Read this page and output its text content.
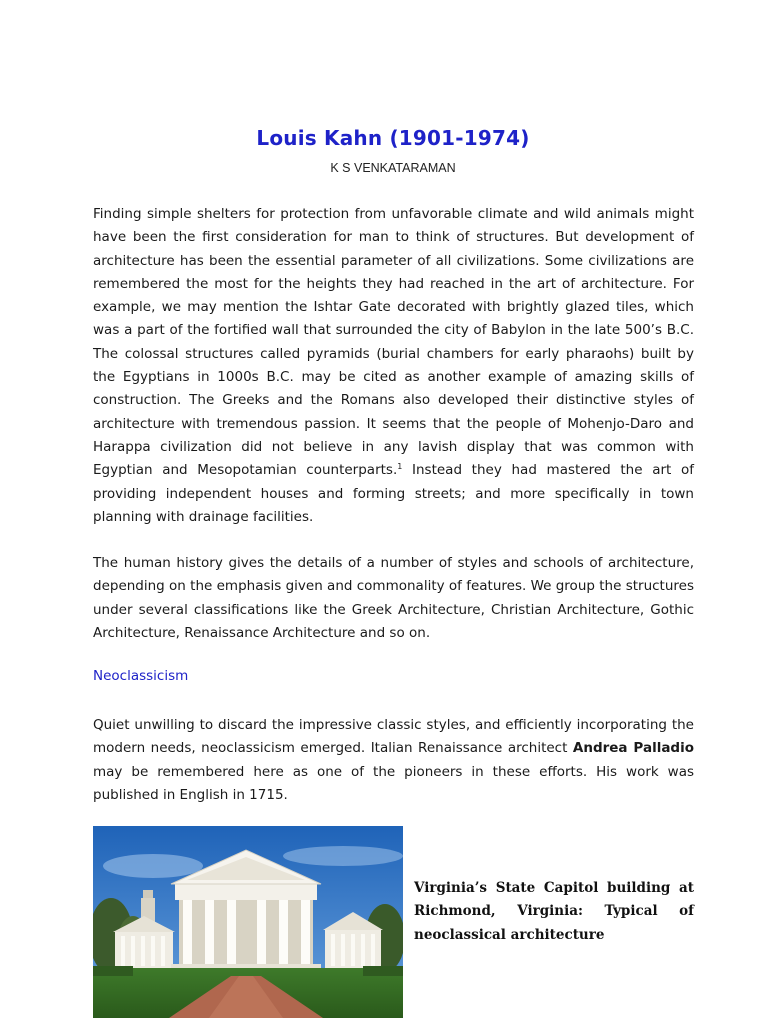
Louis Kahn (1901-1974)

K S VENKATARAMAN

Finding simple shelters for protection from unfavorable climate and wild animals might have been the first consideration for man to think of structures. But development of architecture has been the essential parameter of all civilizations. Some civilizations are remembered the most for the heights they had reached in the art of architecture. For example, we may mention the Ishtar Gate decorated with brightly glazed tiles, which was a part of the fortified wall that surrounded the city of Babylon in the late 500’s B.C. The colossal structures called pyramids (burial chambers for early pharaohs) built by the Egyptians in 1000s B.C. may be cited as another example of amazing skills of construction. The Greeks and the Romans also developed their distinctive styles of architecture with tremendous passion. It seems that the people of Mohenjo-Daro and Harappa civilization did not believe in any lavish display that was common with Egyptian and Mesopotamian counterparts.$^1$ Instead they had mastered the art of providing independent houses and forming streets; and more specifically in town planning with drainage facilities.

The human history gives the details of a number of styles and schools of architecture, depending on the emphasis given and commonality of features. We group the structures under several classifications like the Greek Architecture, Christian Architecture, Gothic Architecture, Renaissance Architecture and so on.

Neoclassicism

Quiet unwilling to discard the impressive classic styles, and efficiently incorporating the modern needs, neoclassicism emerged. Italian Renaissance architect Andrea Palladio may be remembered here as one of the pioneers in these efforts. His work was published in English in 1715.

Virginia’s State Capitol building at Richmond, Virginia: Typical of neoclassical architecture
